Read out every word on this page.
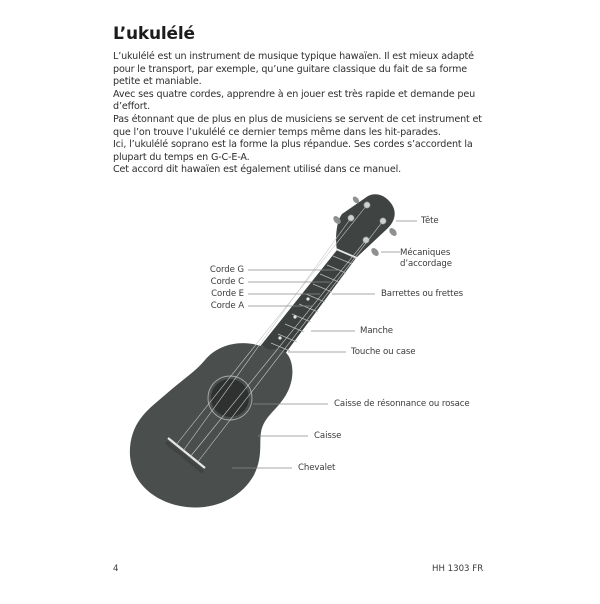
L’ukulélé

L’ukulélé est un instrument de musique typique hawaïen. Il est mieux adapté pour le transport, par exemple, qu’une guitare classique du fait de sa forme petite et maniable.

Avec ses quatre cordes, apprendre à en jouer est très rapide et demande peu d’effort.

Pas étonnant que de plus en plus de musiciens se servent de cet instrument et que l’on trouve l’ukulélé ce dernier temps même dans les hit-parades.

Ici, l’ukulélé soprano est la forme la plus répandue. Ses cordes s’accordent la plupart du temps en G-C-E-A.

Cet accord dit hawaïen est également utilisé dans ce manuel.

Corde G
Corde C
Corde E
Corde A
Tête
Mécaniques
d’accordage
Barrettes ou frettes
Manche
Touche ou case
Caisse de résonnance ou rosace
Caisse
Chevalet
4	HH 1303 FR
